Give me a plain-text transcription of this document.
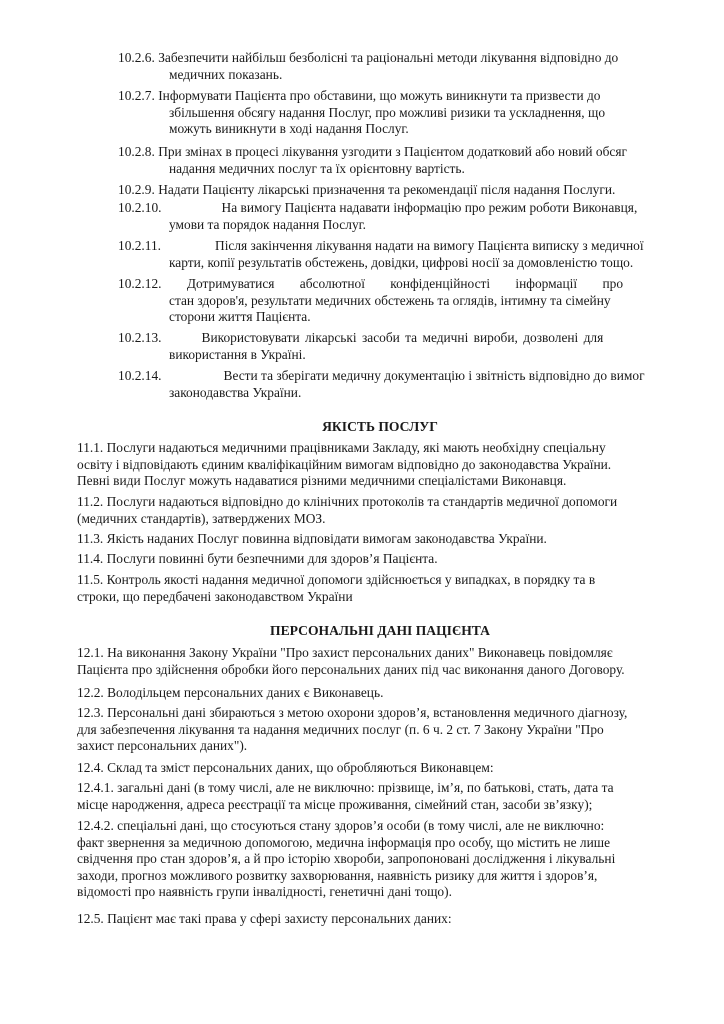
10.2.6. Забезпечити найбільш безболісні та раціональні методи лікування відповідно до
медичних показань.
10.2.7. Інформувати Пацієнта про обставини, що можуть виникнути та призвести до
збільшення обсягу надання Послуг, про можливі ризики та ускладнення, що
можуть виникнути в ході надання Послуг.
10.2.8. При змінах в процесі лікування узгодити з Пацієнтом додатковий або новий обсяг
надання медичних послуг та їх орієнтовну вартість.
10.2.9. Надати Пацієнту лікарські призначення та рекомендації після надання Послуги.
10.2.10.	На вимогу Пацієнта надавати інформацію про режим роботи Виконавця,
умови та порядок надання Послуг.
10.2.11.	Після закінчення лікування надати на вимогу Пацієнта виписку з медичної
карти, копії результатів обстежень, довідки, цифрові носії за домовленістю тощо.
10.2.12. Дотримуватися абсолютної конфіденційності інформації про
стан здоров'я, результати медичних обстежень та оглядів, інтимну та сімейну
сторони життя Пацієнта.
10.2.13.	Використовувати лікарські засоби та медичні вироби, дозволені для
використання в Україні.
10.2.14.	Вести та зберігати медичну документацію і звітність відповідно до вимог
законодавства України.
ЯКІСТЬ ПОСЛУГ
11.1. Послуги надаються медичними працівниками Закладу, які мають необхідну спеціальну
освіту і відповідають єдиним кваліфікаційним вимогам відповідно до законодавства України.
Певні види Послуг можуть надаватися різними медичними спеціалістами Виконавця.
11.2. Послуги надаються відповідно до клінічних протоколів та стандартів медичної допомоги
(медичних стандартів), затверджених МОЗ.
11.3. Якість наданих Послуг повинна відповідати вимогам законодавства України.
11.4. Послуги повинні бути безпечними для здоров’я Пацієнта.
11.5. Контроль якості надання медичної допомоги здійснюється у випадках, в порядку та в
строки, що передбачені законодавством України
ПЕРСОНАЛЬНІ ДАНІ ПАЦІЄНТА
12.1. На виконання Закону України "Про захист персональних даних" Виконавець повідомляє
Пацієнта про здійснення обробки його персональних даних під час виконання даного Договору.
12.2. Володільцем персональних даних є Виконавець.
12.3. Персональні дані збираються з метою охорони здоров’я, встановлення медичного діагнозу,
для забезпечення лікування та надання медичних послуг (п. 6 ч. 2 ст. 7 Закону України "Про
захист персональних даних").
12.4. Склад та зміст персональних даних, що обробляються Виконавцем:
12.4.1. загальні дані (в тому числі, але не виключно: прізвище, ім’я, по батькові, стать, дата та
місце народження, адреса реєстрації та місце проживання, сімейний стан, засоби зв’язку);
12.4.2. спеціальні дані, що стосуються стану здоров’я особи (в тому числі, але не виключно:
факт звернення за медичною допомогою, медична інформація про особу, що містить не лише
свідчення про стан здоров’я, а й про історію хвороби, запропоновані дослідження і лікувальні
заходи, прогноз можливого розвитку захворювання, наявність ризику для життя і здоров’я,
відомості про наявність групи інвалідності, генетичні дані тощо).
12.5. Пацієнт має такі права у сфері захисту персональних даних:
